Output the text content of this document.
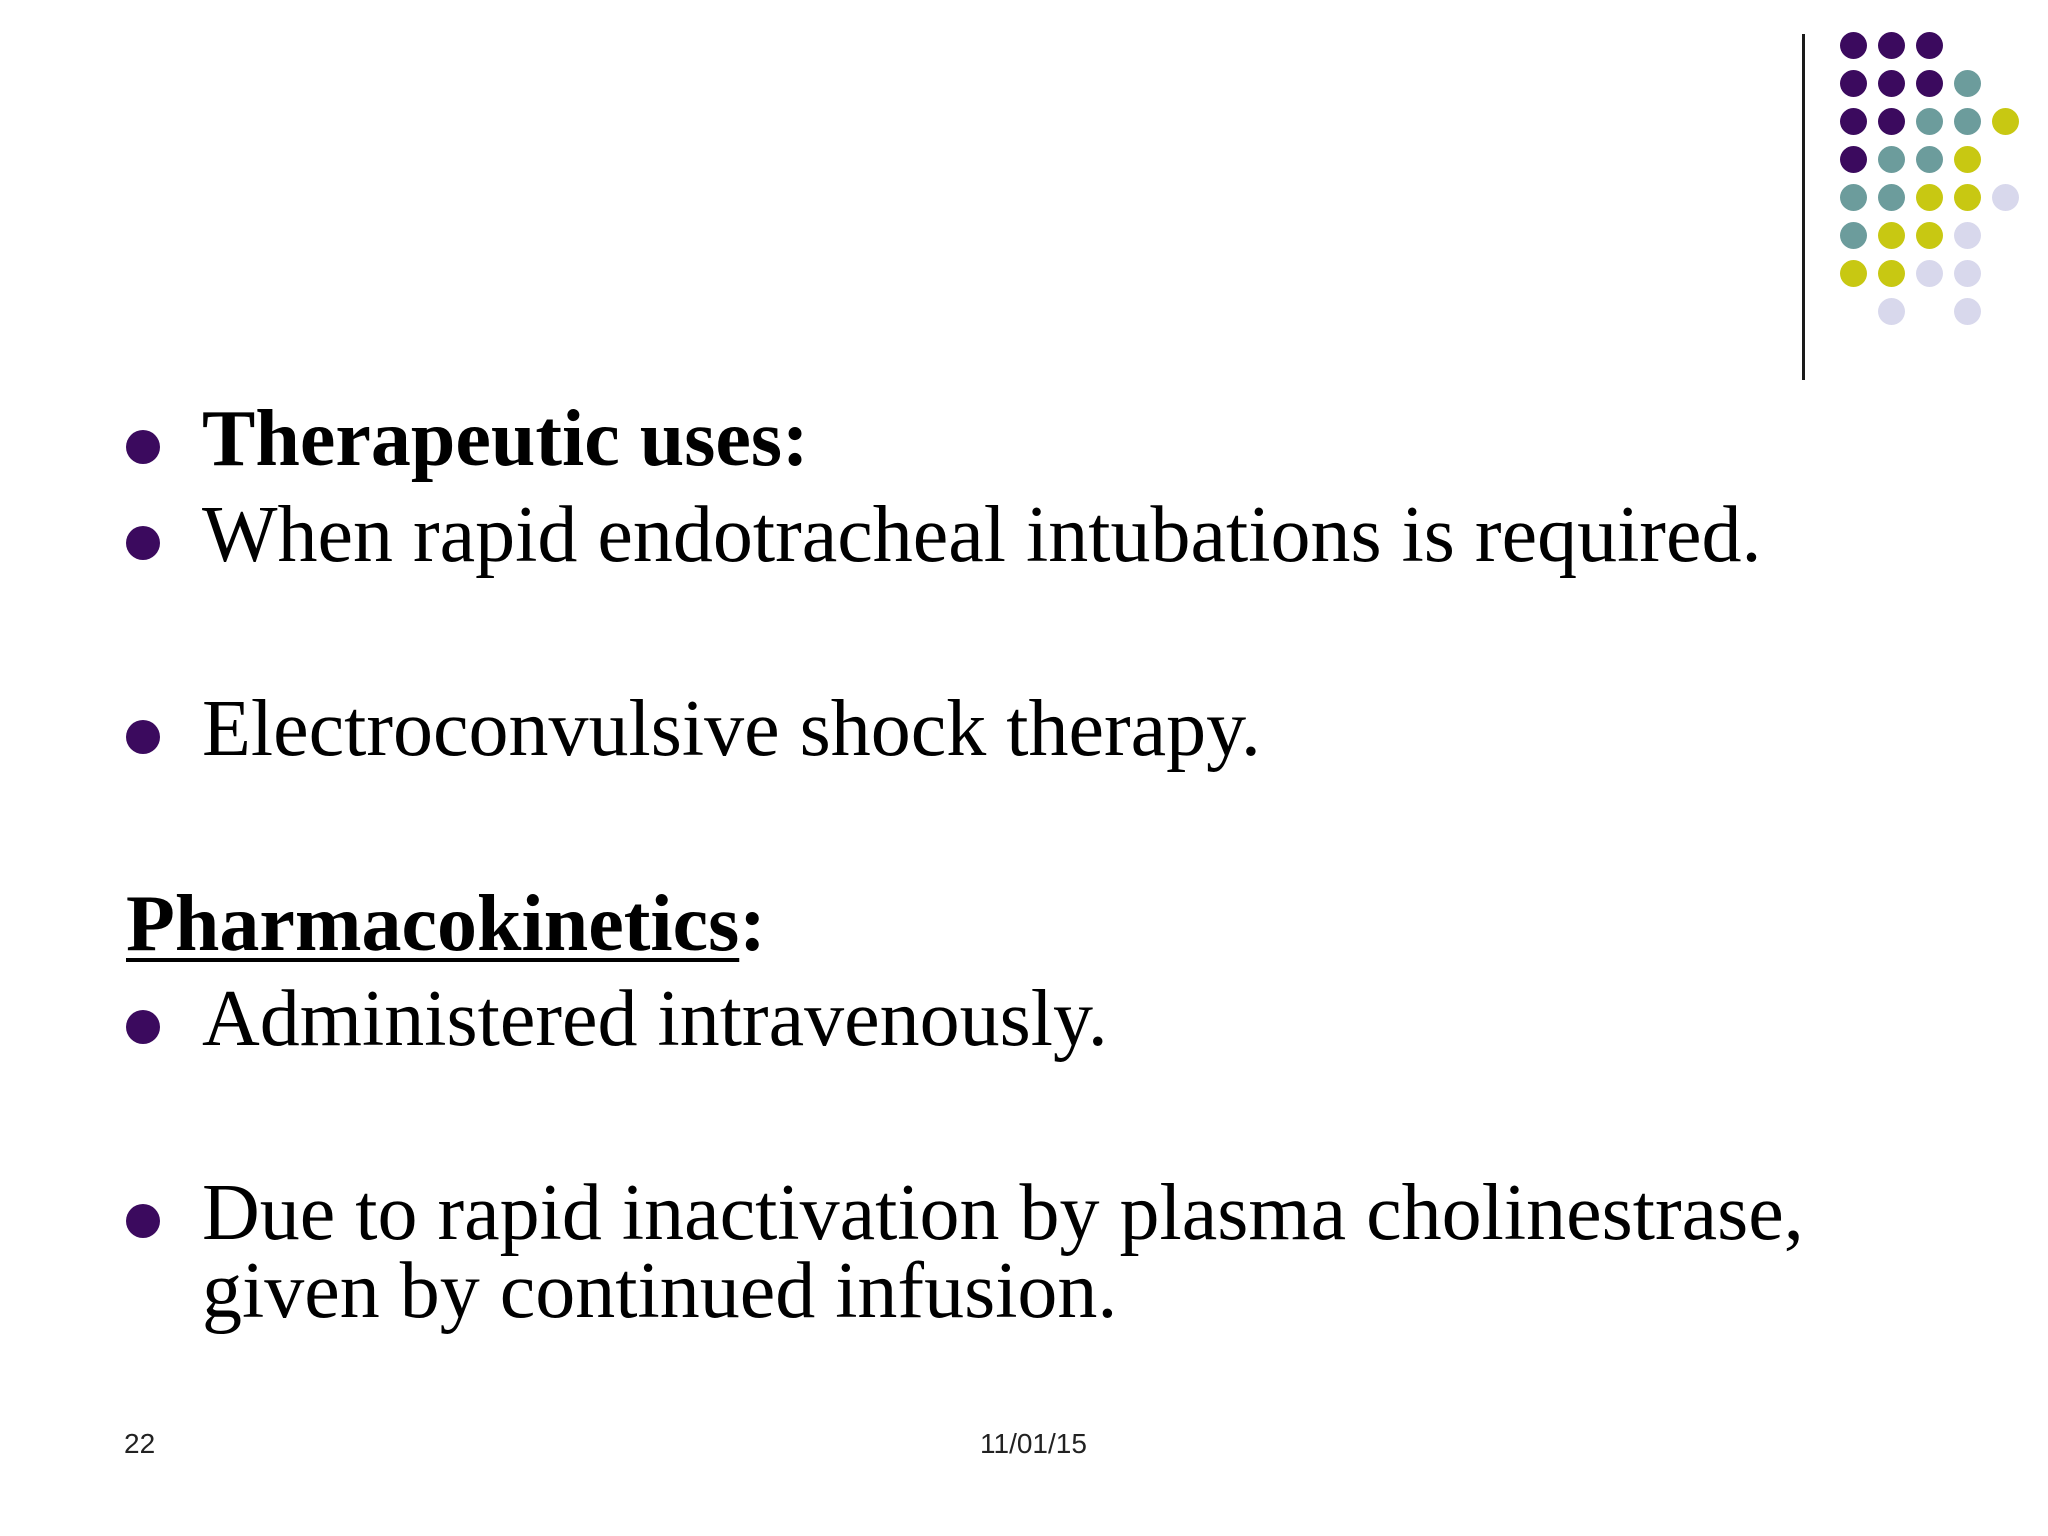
Therapeutic uses:
When rapid endotracheal intubations is required.
Electroconvulsive shock therapy.
Pharmacokinetics:
Administered intravenously.
Due to rapid inactivation by plasma cholinestrase,
given by continued infusion.
22	11/01/15
